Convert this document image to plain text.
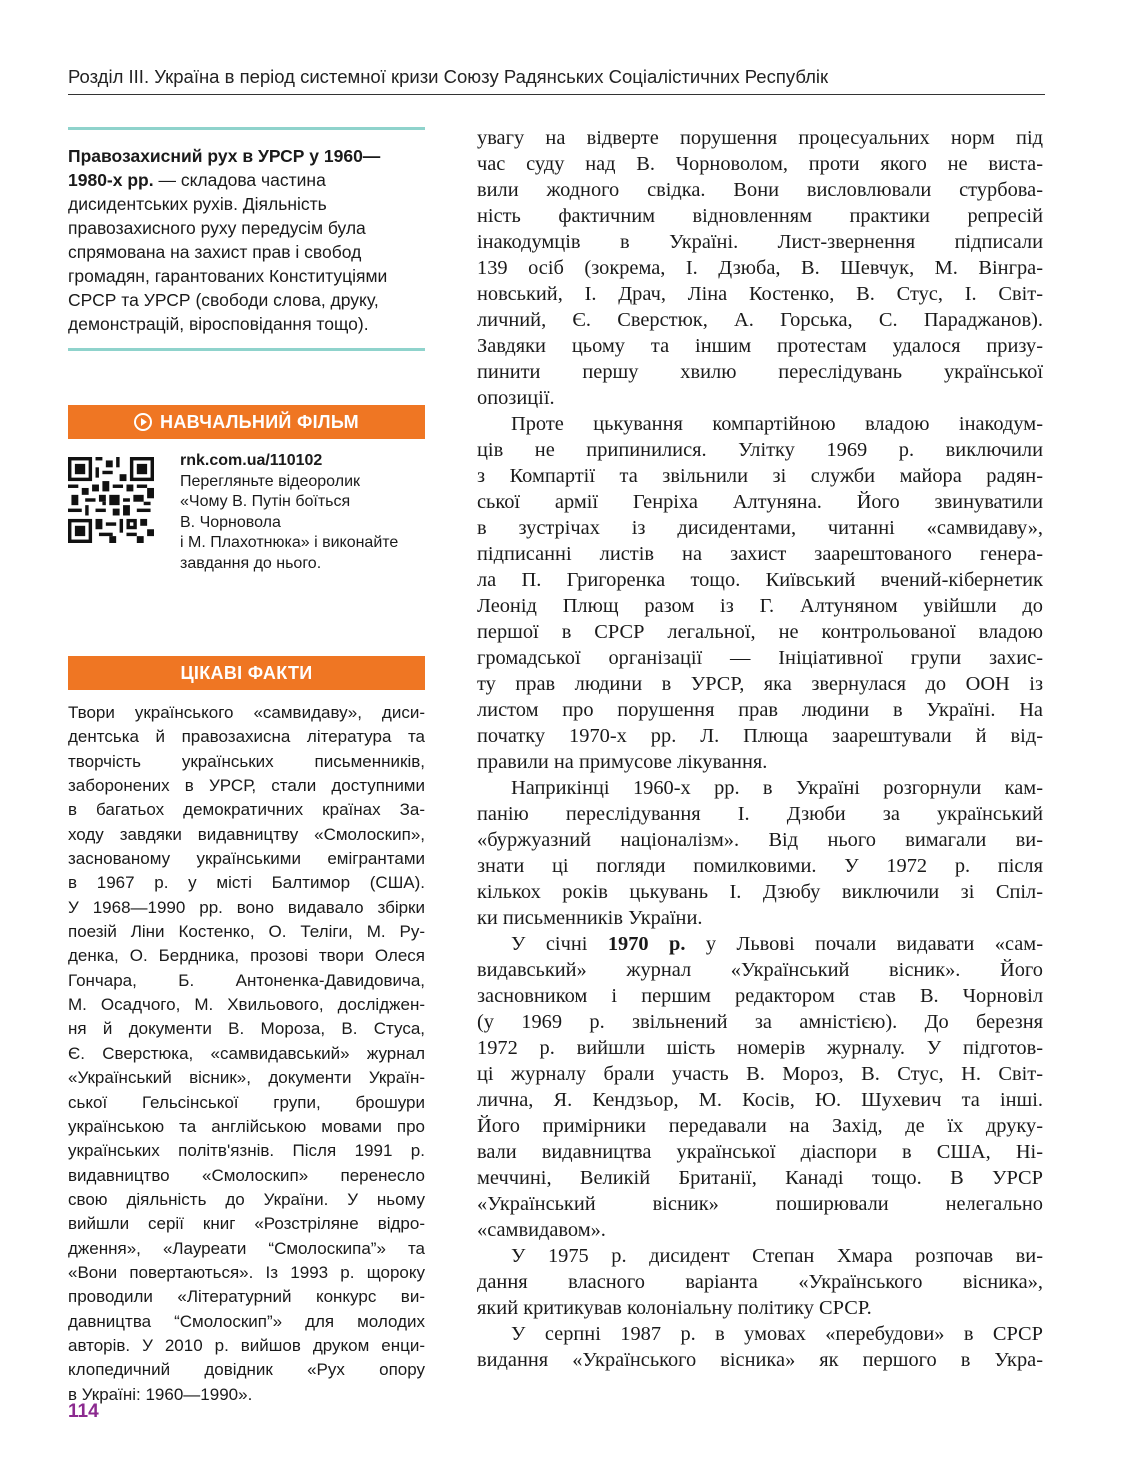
Розділ ІІІ. Україна в період системної кризи Союзу Радянських Соціалістичних Республік
Правозахисний рух в УРСР у 1960—1980-х рр. — складова частина дисидентських рухів. Діяльність правозахисного руху передусім була спрямована на захист прав і свобод громадян, гарантованих Конституціями СРСР та УРСР (свободи слова, друку, демонстрацій, віросповідання тощо).
НАВЧАЛЬНИЙ ФІЛЬМ
rnk.com.ua/110102
Перегляньте відеоролик
«Чому В. Путін боїться
В. Чорновола
і М. Плахотнюка» і виконайте
завдання до нього.
ЦІКАВІ ФАКТИ
Твори українського «самвидаву», диси-
дентська й правозахисна література та
творчість українських письменників,
заборонених в УРСР, стали доступними
в багатьох демократичних країнах За-
ходу завдяки видавництву «Смолоскип»,
заснованому українськими емігрантами
в 1967 р. у місті Балтимор (США).
У 1968—1990 рр. воно видавало збірки
поезій Ліни Костенко, О. Теліги, М. Ру-
денка, О. Бердника, прозові твори Олеся
Гончара, Б. Антоненка-Давидовича,
М. Осадчого, М. Хвильового, досліджен-
ня й документи В. Мороза, В. Стуса,
Є. Сверстюка, «самвидавський» журнал
«Український вісник», документи Україн-
ської Гельсінської групи, брошури
українською та англійською мовами про
українських політв'язнів. Після 1991 р.
видавництво «Смолоскип» перенесло
свою діяльність до України. У ньому
вийшли серії книг «Розстріляне відро-
дження», «Лауреати “Смолоскипа”» та
«Вони повертаються». Із 1993 р. щороку
проводили «Літературний конкурс ви-
давництва “Смолоскип”» для молодих
авторів. У 2010 р. вийшов друком енци-
клопедичний довідник «Рух опору
в Україні: 1960—1990».
увагу на відверте порушення процесуальних норм під
час суду над В. Чорноволом, проти якого не виста-
вили жодного свідка. Вони висловлювали стурбова-
ність фактичним відновленням практики репресій
інакодумців в Україні. Лист-звернення підписали
139 осіб (зокрема, І. Дзюба, В. Шевчук, М. Вінгра-
новський, І. Драч, Ліна Костенко, В. Стус, І. Світ-
личний, Є. Сверстюк, А. Горська, С. Параджанов).
Завдяки цьому та іншим протестам удалося призу-
пинити першу хвилю переслідувань української
опозиції.
Проте цькування компартійною владою інакодум-
ців не припинилися. Улітку 1969 р. виключили
з Компартії та звільнили зі служби майора радян-
ської армії Генріха Алтуняна. Його звинуватили
в зустрічах із дисидентами, читанні «самвидаву»,
підписанні листів на захист заарештованого генера-
ла П. Григоренка тощо. Київський вчений-кібернетик
Леонід Плющ разом із Г. Алтуняном увійшли до
першої в СРСР легальної, не контрольованої владою
громадської організації — Ініціативної групи захис-
ту прав людини в УРСР, яка звернулася до ООН із
листом про порушення прав людини в Україні. На
початку 1970-х рр. Л. Плюща заарештували й від-
правили на примусове лікування.
Наприкінці 1960-х рр. в Україні розгорнули кам-
панію переслідування І. Дзюби за український
«буржуазний націоналізм». Від нього вимагали ви-
знати ці погляди помилковими. У 1972 р. після
кількох років цькувань І. Дзюбу виключили зі Спіл-
ки письменників України.
У січні 1970 р. у Львові почали видавати «сам-
видавський» журнал «Український вісник». Його
засновником і першим редактором став В. Чорновіл
(у 1969 р. звільнений за амністією). До березня
1972 р. вийшли шість номерів журналу. У підготов-
ці журналу брали участь В. Мороз, В. Стус, Н. Світ-
лична, Я. Кендзьор, М. Косів, Ю. Шухевич та інші.
Його примірники передавали на Захід, де їх друку-
вали видавництва української діаспори в США, Ні-
меччині, Великій Британії, Канаді тощо. В УРСР
«Український вісник» поширювали нелегально
«самвидавом».
У 1975 р. дисидент Степан Хмара розпочав ви-
дання власного варіанта «Українського вісника»,
який критикував колоніальну політику СРСР.
У серпні 1987 р. в умовах «перебудови» в СРСР
видання «Українського вісника» як першого в Укра-
114
